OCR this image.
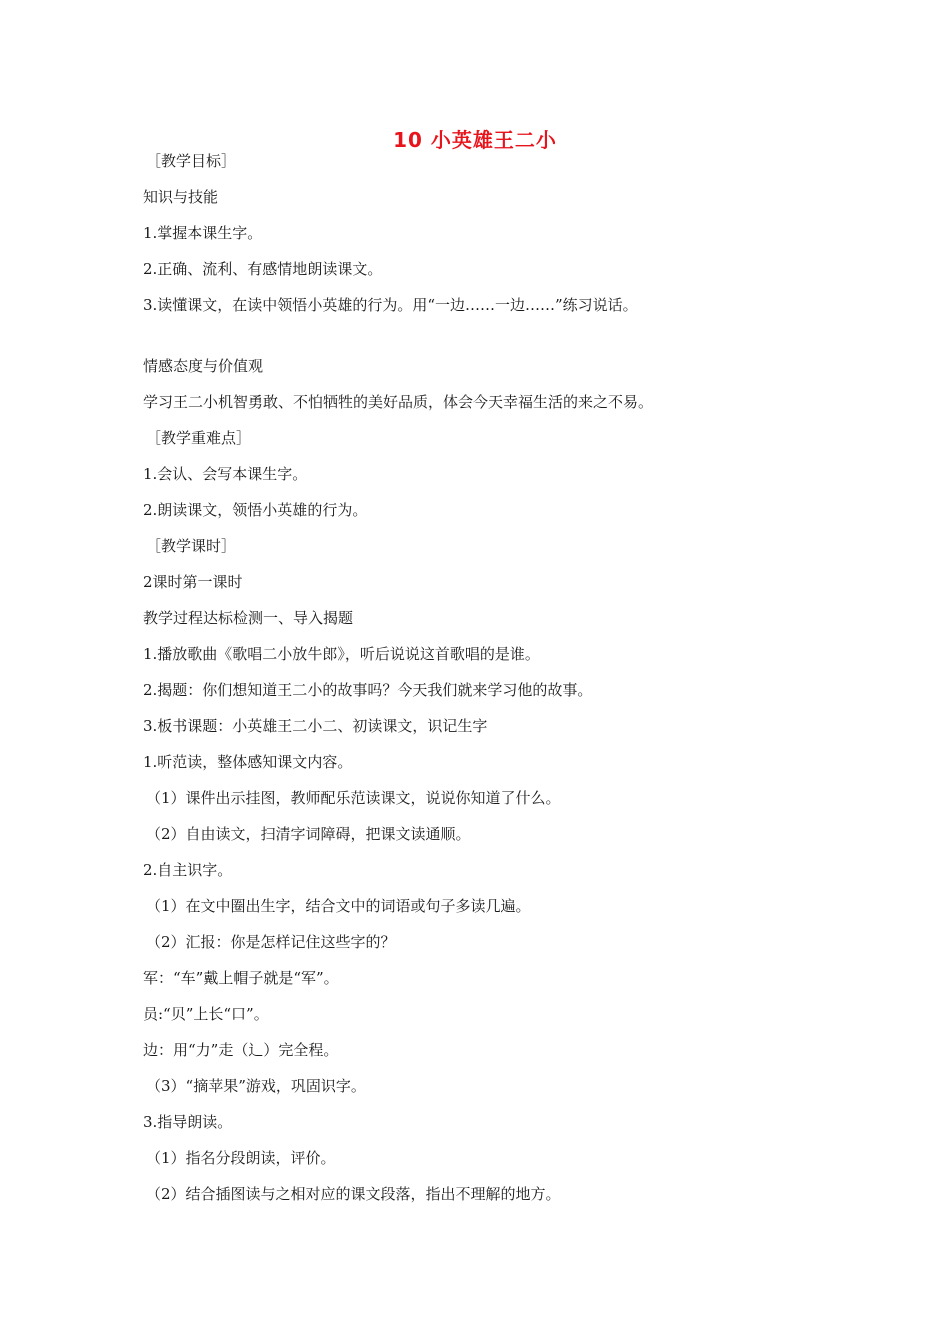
10 小英雄王二小
［教学目标］
知识与技能
1.掌握本课生字。
2.正确、流利、有感情地朗读课文。
3.读懂课文，在读中领悟小英雄的行为。用“一边……一边……”练习说话。
情感态度与价值观
学习王二小机智勇敢、不怕牺牲的美好品质，体会今天幸福生活的来之不易。
［教学重难点］
1.会认、会写本课生字。
2.朗读课文，领悟小英雄的行为。
［教学课时］
2课时第一课时
教学过程达标检测一、导入揭题
1.播放歌曲《歌唱二小放牛郎》，听后说说这首歌唱的是谁。
2.揭题：你们想知道王二小的故事吗？今天我们就来学习他的故事。
3.板书课题：小英雄王二小二、初读课文，识记生字
1.听范读，整体感知课文内容。
（1）课件出示挂图，教师配乐范读课文，说说你知道了什么。
（2）自由读文，扫清字词障碍，把课文读通顺。
2.自主识字。
（1）在文中圈出生字，结合文中的词语或句子多读几遍。
（2）汇报：你是怎样记住这些字的？
军：“车”戴上帽子就是“军”。
员:“贝”上长“口”。
边：用“力”走（辶）完全程。
（3）“摘苹果”游戏，巩固识字。
3.指导朗读。
（1）指名分段朗读，评价。
（2）结合插图读与之相对应的课文段落，指出不理解的地方。
